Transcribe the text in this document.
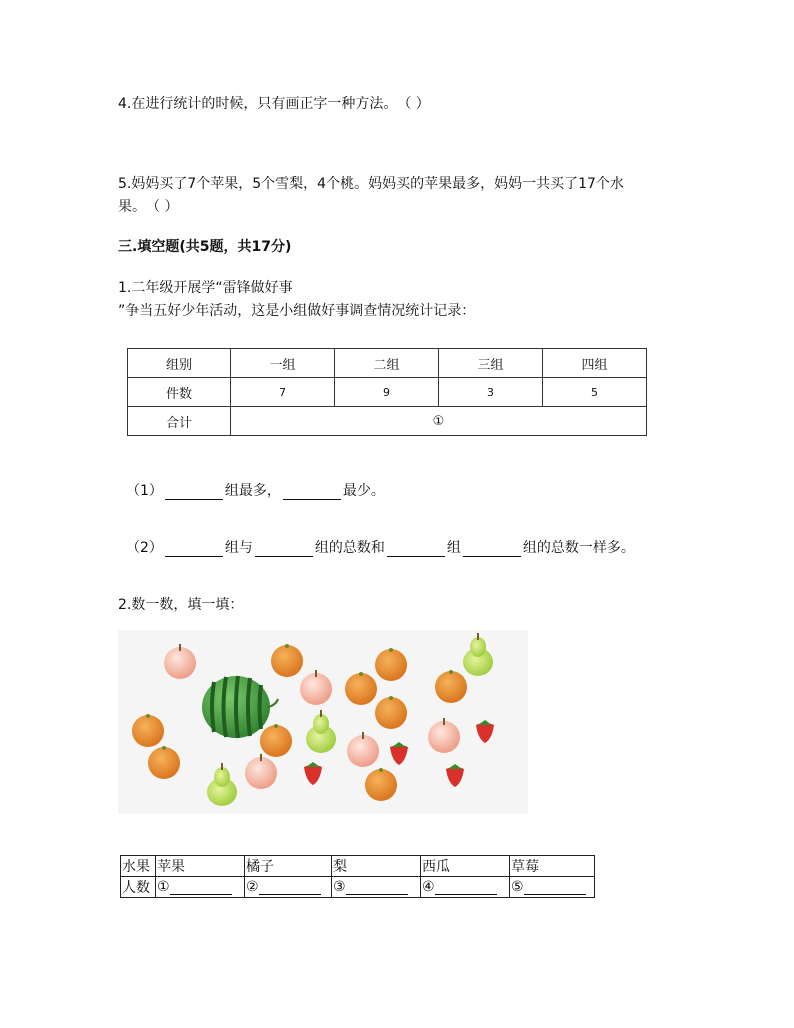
4.在进行统计的时候，只有画正字一种方法。　（ ）
5.妈妈买了7个苹果，5个雪梨，4个桃。妈妈买的苹果最多，妈妈一共买了17个水
果。　（ ）
三.填空题(共5题，共17分)
1.二年级开展学“雷锋做好事
”争当五好少年活动，这是小组做好事调查情况统计记录：
组别	一组	二组	三组	四组
件数	7	9	3	5
合计	①			
（1）	组最多，	最少。
（2）	组与	组的总数和	组	组的总数一样多。
2.数一数，填一填：
水果	苹果	橘子	梨	西瓜	草莓
人数	①	②	③	④	⑤
